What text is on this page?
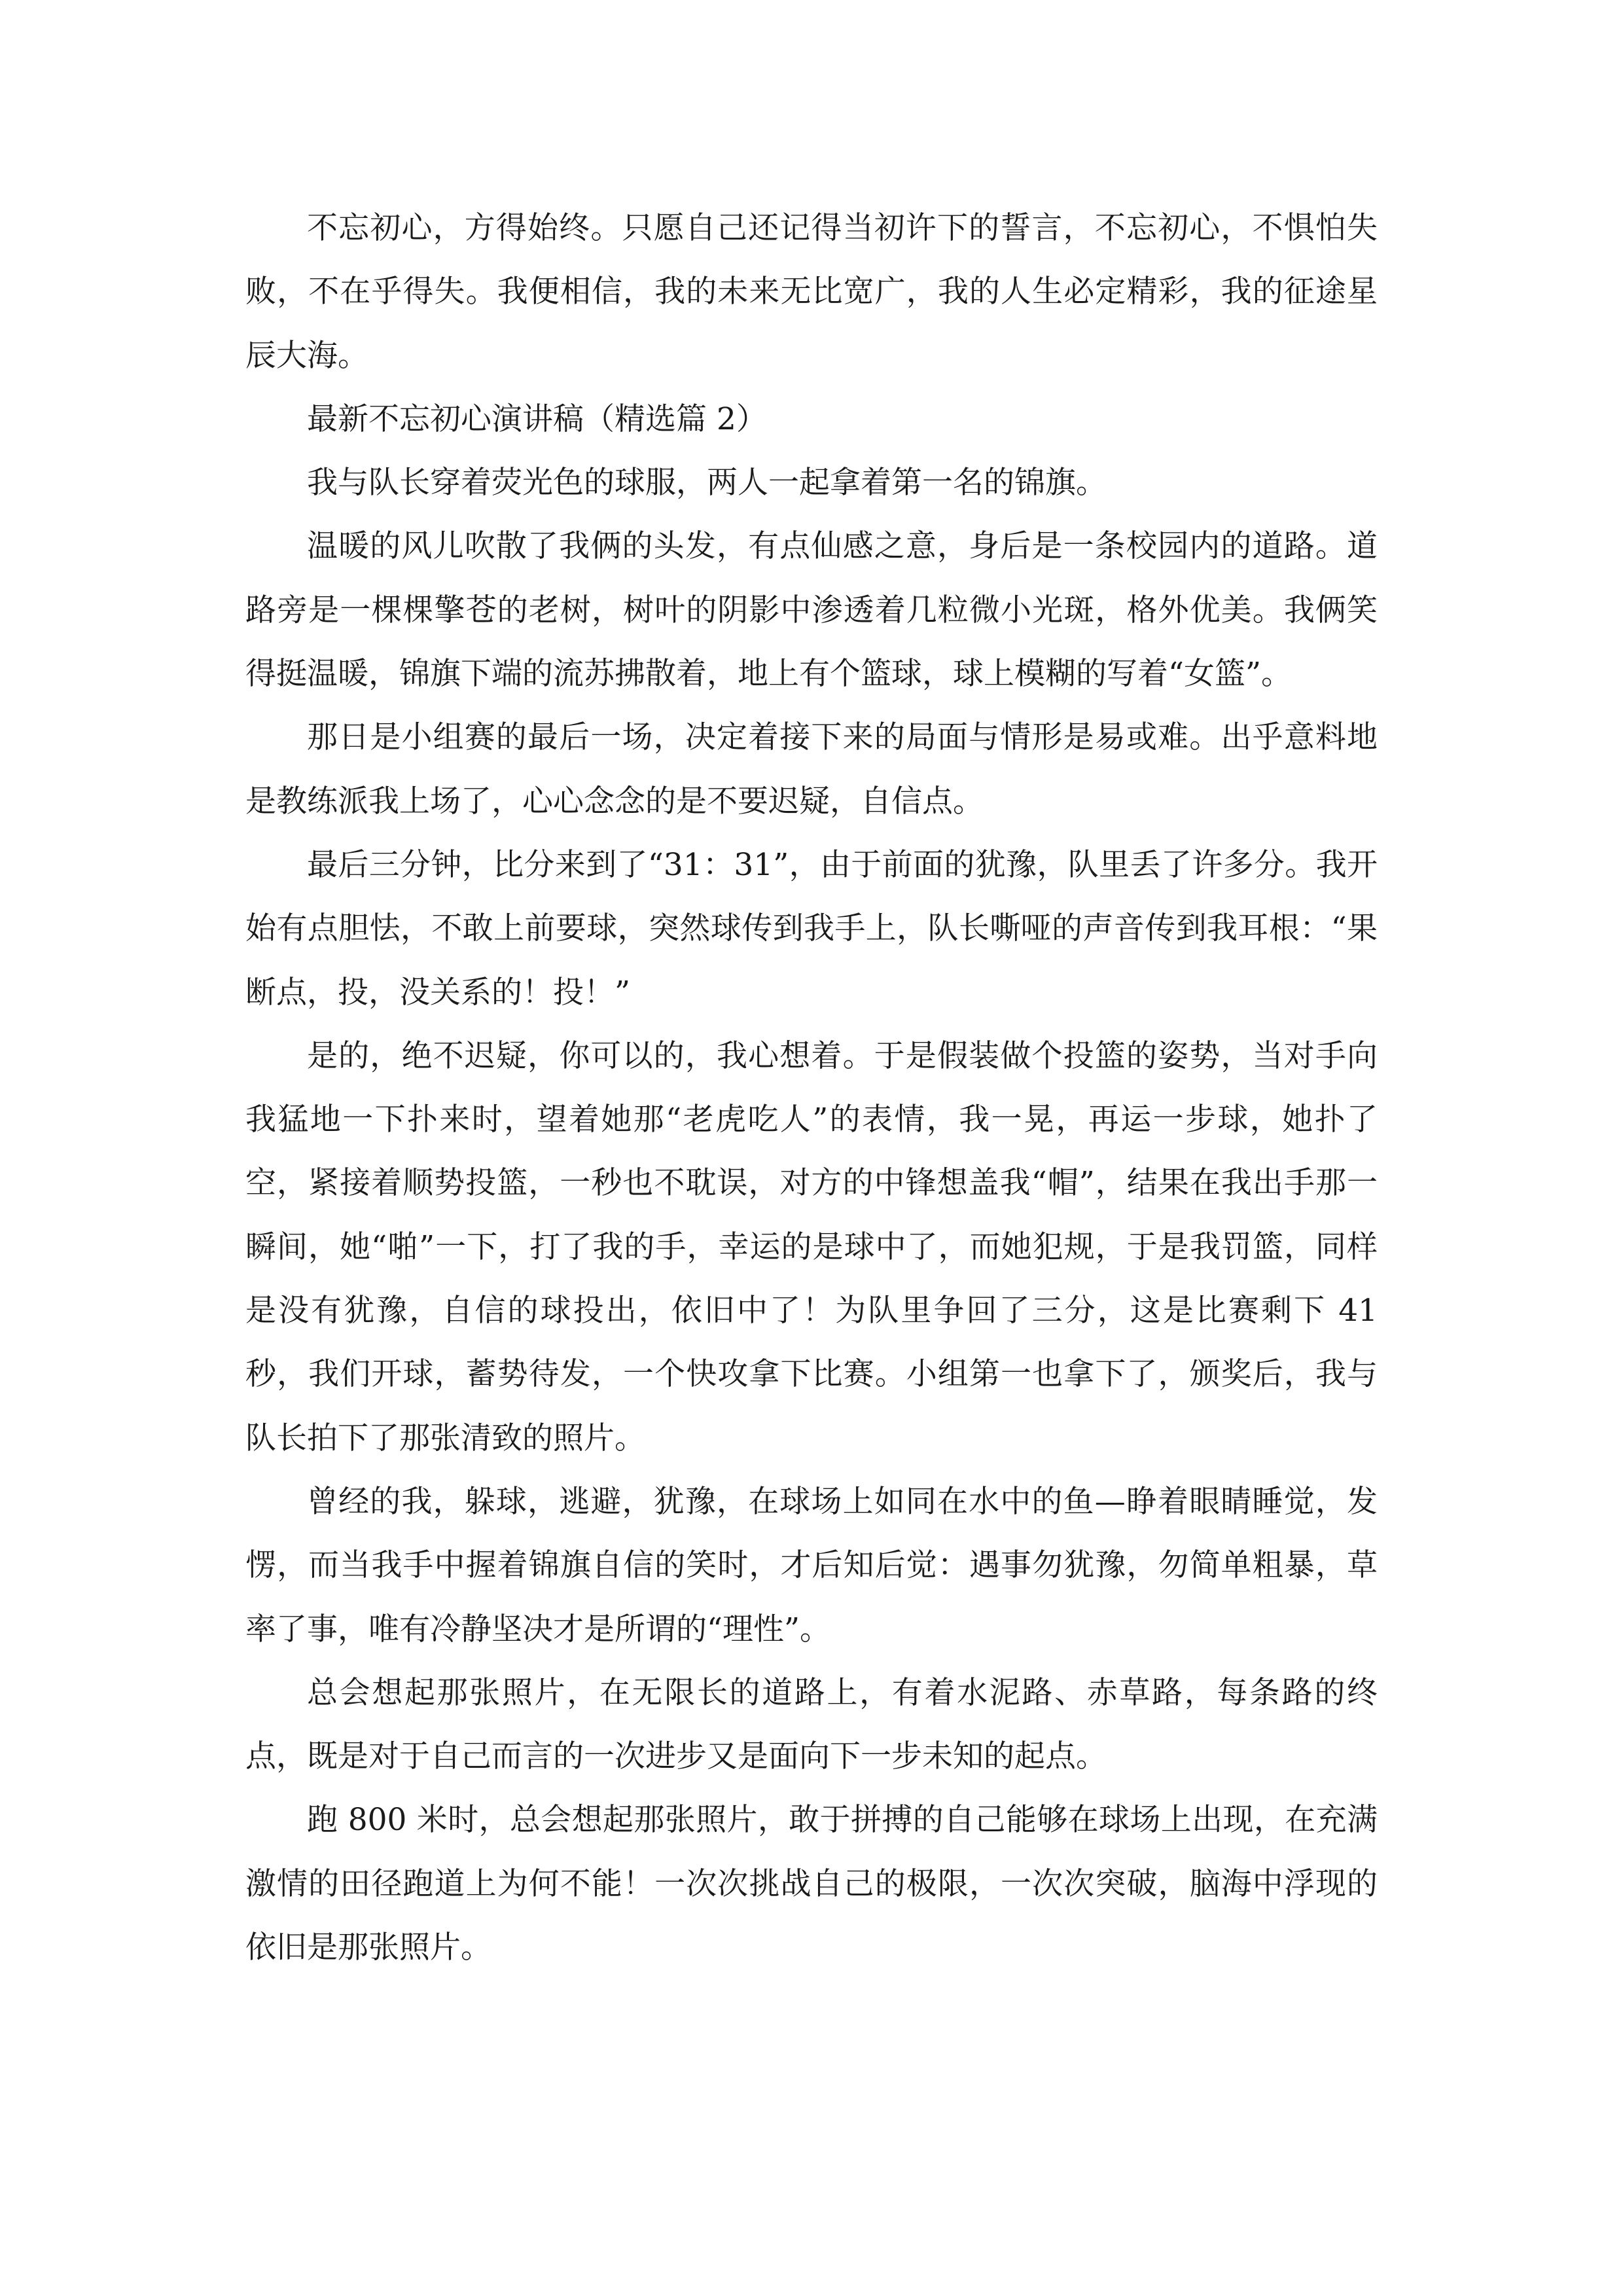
不忘初心，方得始终。只愿自己还记得当初许下的誓言，不忘初心，不惧怕失败，不在乎得失。我便相信，我的未来无比宽广，我的人生必定精彩，我的征途星辰大海。

最新不忘初心演讲稿（精选篇 2）

我与队长穿着荧光色的球服，两人一起拿着第一名的锦旗。

温暖的风儿吹散了我俩的头发，有点仙感之意，身后是一条校园内的道路。道路旁是一棵棵擎苍的老树，树叶的阴影中渗透着几粒微小光斑，格外优美。我俩笑得挺温暖，锦旗下端的流苏拂散着，地上有个篮球，球上模糊的写着“女篮”。

那日是小组赛的最后一场，决定着接下来的局面与情形是易或难。出乎意料地是教练派我上场了，心心念念的是不要迟疑，自信点。

最后三分钟，比分来到了“31：31”，由于前面的犹豫，队里丢了许多分。我开始有点胆怯，不敢上前要球，突然球传到我手上，队长嘶哑的声音传到我耳根：“果断点，投，没关系的！投！”

是的，绝不迟疑，你可以的，我心想着。于是假装做个投篮的姿势，当对手向我猛地一下扑来时，望着她那“老虎吃人”的表情，我一晃，再运一步球，她扑了空，紧接着顺势投篮，一秒也不耽误，对方的中锋想盖我“帽”，结果在我出手那一瞬间，她“啪”一下，打了我的手，幸运的是球中了，而她犯规，于是我罚篮，同样是没有犹豫，自信的球投出，依旧中了！为队里争回了三分，这是比赛剩下 41 秒，我们开球，蓄势待发，一个快攻拿下比赛。小组第一也拿下了，颁奖后，我与队长拍下了那张清致的照片。

曾经的我，躲球，逃避，犹豫，在球场上如同在水中的鱼—睁着眼睛睡觉，发愣，而当我手中握着锦旗自信的笑时，才后知后觉：遇事勿犹豫，勿简单粗暴，草率了事，唯有冷静坚决才是所谓的“理性”。

总会想起那张照片，在无限长的道路上，有着水泥路、赤草路，每条路的终点，既是对于自己而言的一次进步又是面向下一步未知的起点。

跑 800 米时，总会想起那张照片，敢于拼搏的自己能够在球场上出现，在充满激情的田径跑道上为何不能！一次次挑战自己的极限，一次次突破，脑海中浮现的依旧是那张照片。
